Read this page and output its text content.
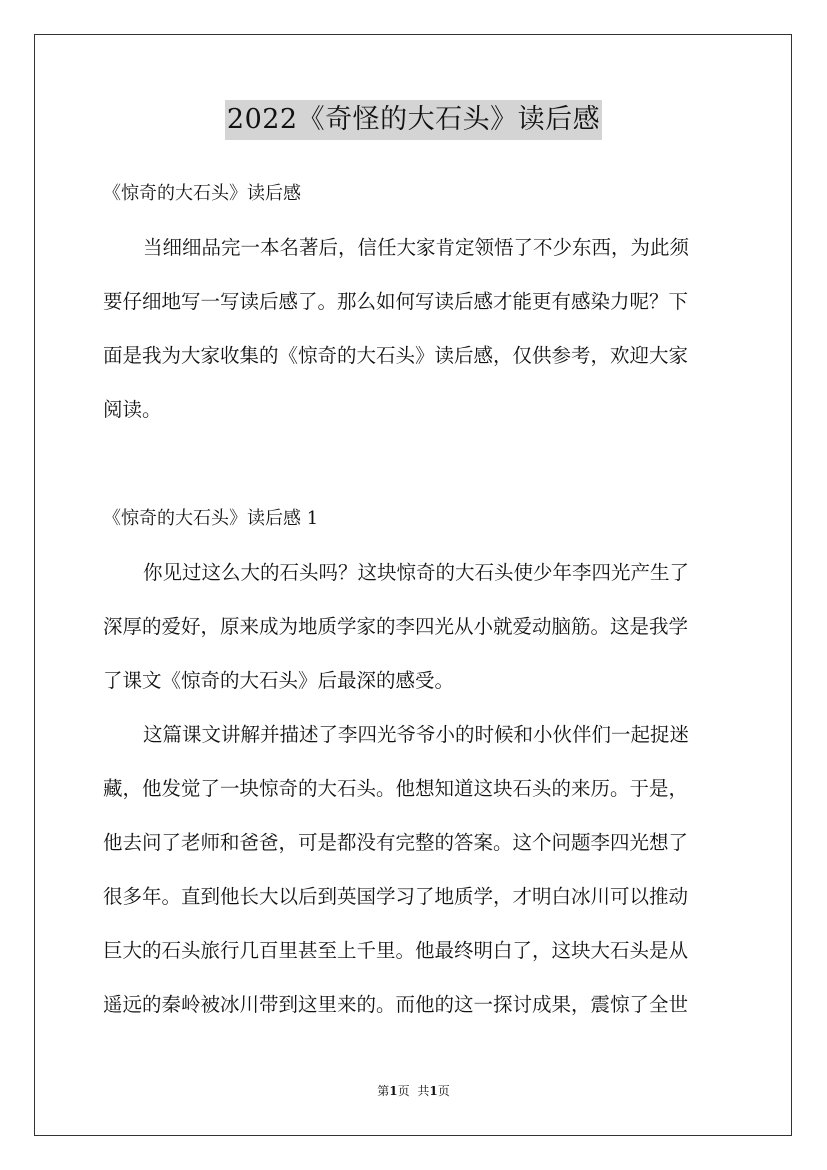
2022《奇怪的大石头》读后感
《惊奇的大石头》读后感
当细细品完一本名著后，信任大家肯定领悟了不少东西，为此须
要仔细地写一写读后感了。那么如何写读后感才能更有感染力呢？下
面是我为大家收集的《惊奇的大石头》读后感，仅供参考，欢迎大家
阅读。
《惊奇的大石头》读后感 1
你见过这么大的石头吗？这块惊奇的大石头使少年李四光产生了
深厚的爱好，原来成为地质学家的李四光从小就爱动脑筋。这是我学
了课文《惊奇的大石头》后最深的感受。
这篇课文讲解并描述了李四光爷爷小的时候和小伙伴们一起捉迷
藏，他发觉了一块惊奇的大石头。他想知道这块石头的来历。于是，
他去问了老师和爸爸，可是都没有完整的答案。这个问题李四光想了
很多年。直到他长大以后到英国学习了地质学，才明白冰川可以推动
巨大的石头旅行几百里甚至上千里。他最终明白了，这块大石头是从
遥远的秦岭被冰川带到这里来的。而他的这一探讨成果，震惊了全世
第1页 共1页
